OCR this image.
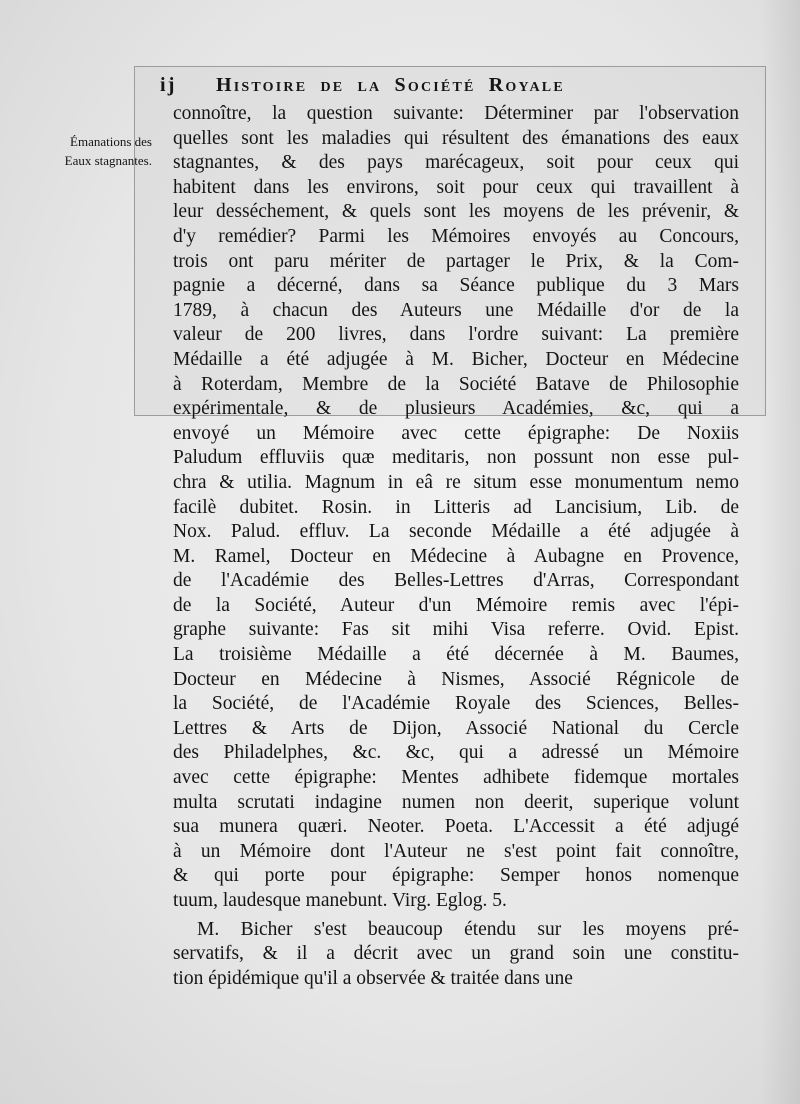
ij Histoire de la Société Royale
Émanations des
Eaux stagnantes.
connoître, la question suivante: Déterminer par l'observation
quelles sont les maladies qui résultent des émanations des eaux
stagnantes, & des pays marécageux, soit pour ceux qui
habitent dans les environs, soit pour ceux qui travaillent à
leur desséchement, & quels sont les moyens de les prévenir, &
d'y remédier? Parmi les Mémoires envoyés au Concours,
trois ont paru mériter de partager le Prix, & la Com-
pagnie a décerné, dans sa Séance publique du 3 Mars
1789, à chacun des Auteurs une Médaille d'or de la
valeur de 200 livres, dans l'ordre suivant: La première
Médaille a été adjugée à M. Bicher, Docteur en Médecine
à Roterdam, Membre de la Société Batave de Philosophie
expérimentale, & de plusieurs Académies, &c, qui a
envoyé un Mémoire avec cette épigraphe: De Noxiis
Paludum effluviis quæ meditaris, non possunt non esse pul-
chra & utilia. Magnum in eâ re situm esse monumentum nemo
facilè dubitet. Rosin. in Litteris ad Lancisium, Lib. de
Nox. Palud. effluv. La seconde Médaille a été adjugée à
M. Ramel, Docteur en Médecine à Aubagne en Provence,
de l'Académie des Belles-Lettres d'Arras, Correspondant
de la Société, Auteur d'un Mémoire remis avec l'épi-
graphe suivante: Fas sit mihi Visa referre. Ovid. Epist.
La troisième Médaille a été décernée à M. Baumes,
Docteur en Médecine à Nismes, Associé Régnicole de
la Société, de l'Académie Royale des Sciences, Belles-
Lettres & Arts de Dijon, Associé National du Cercle
des Philadelphes, &c. &c, qui a adressé un Mémoire
avec cette épigraphe: Mentes adhibete fidemque mortales
multa scrutati indagine numen non deerit, superique volunt
sua munera quæri. Neoter. Poeta. L'Accessit a été adjugé
à un Mémoire dont l'Auteur ne s'est point fait connoître,
& qui porte pour épigraphe: Semper honos nomenque
tuum, laudesque manebunt. Virg. Eglog. 5.
M. Bicher s'est beaucoup étendu sur les moyens pré-
servatifs, & il a décrit avec un grand soin une constitu-
tion épidémique qu'il a observée & traitée dans une
